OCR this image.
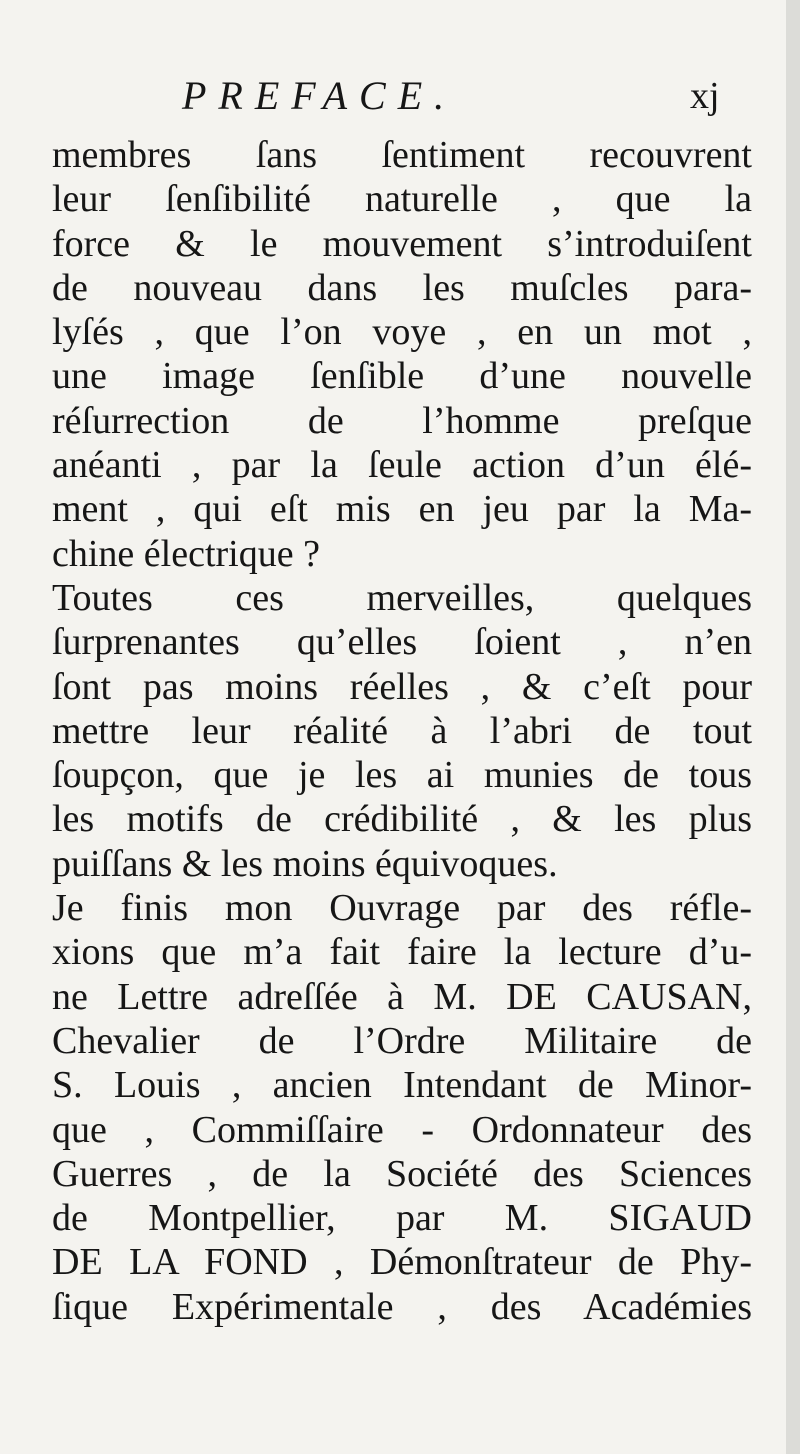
PREFACE.	xj
membres ſans ſentiment recouvrent
leur ſenſibilité naturelle , que la
force & le mouvement s’introduiſent
de nouveau dans les muſcles para-
lyſés , que l’on voye , en un mot ,
une image ſenſible d’une nouvelle
réſurrection de l’homme preſque
anéanti , par la ſeule action d’un élé-
ment , qui eſt mis en jeu par la Ma-
chine électrique ?
Toutes ces merveilles, quelques
ſurprenantes qu’elles ſoient , n’en
ſont pas moins réelles , & c’eſt pour
mettre leur réalité à l’abri de tout
ſoupçon, que je les ai munies de tous
les motifs de crédibilité , & les plus
puiſſans & les moins équivoques.
Je finis mon Ouvrage par des réfle-
xions que m’a fait faire la lecture d’u-
ne Lettre adreſſée à M. DE CAUSAN,
Chevalier de l’Ordre Militaire de
S. Louis , ancien Intendant de Minor-
que , Commiſſaire - Ordonnateur des
Guerres , de la Société des Sciences
de Montpellier, par M. SIGAUD
DE LA FOND , Démonſtrateur de Phy-
ſique Expérimentale , des Académies
